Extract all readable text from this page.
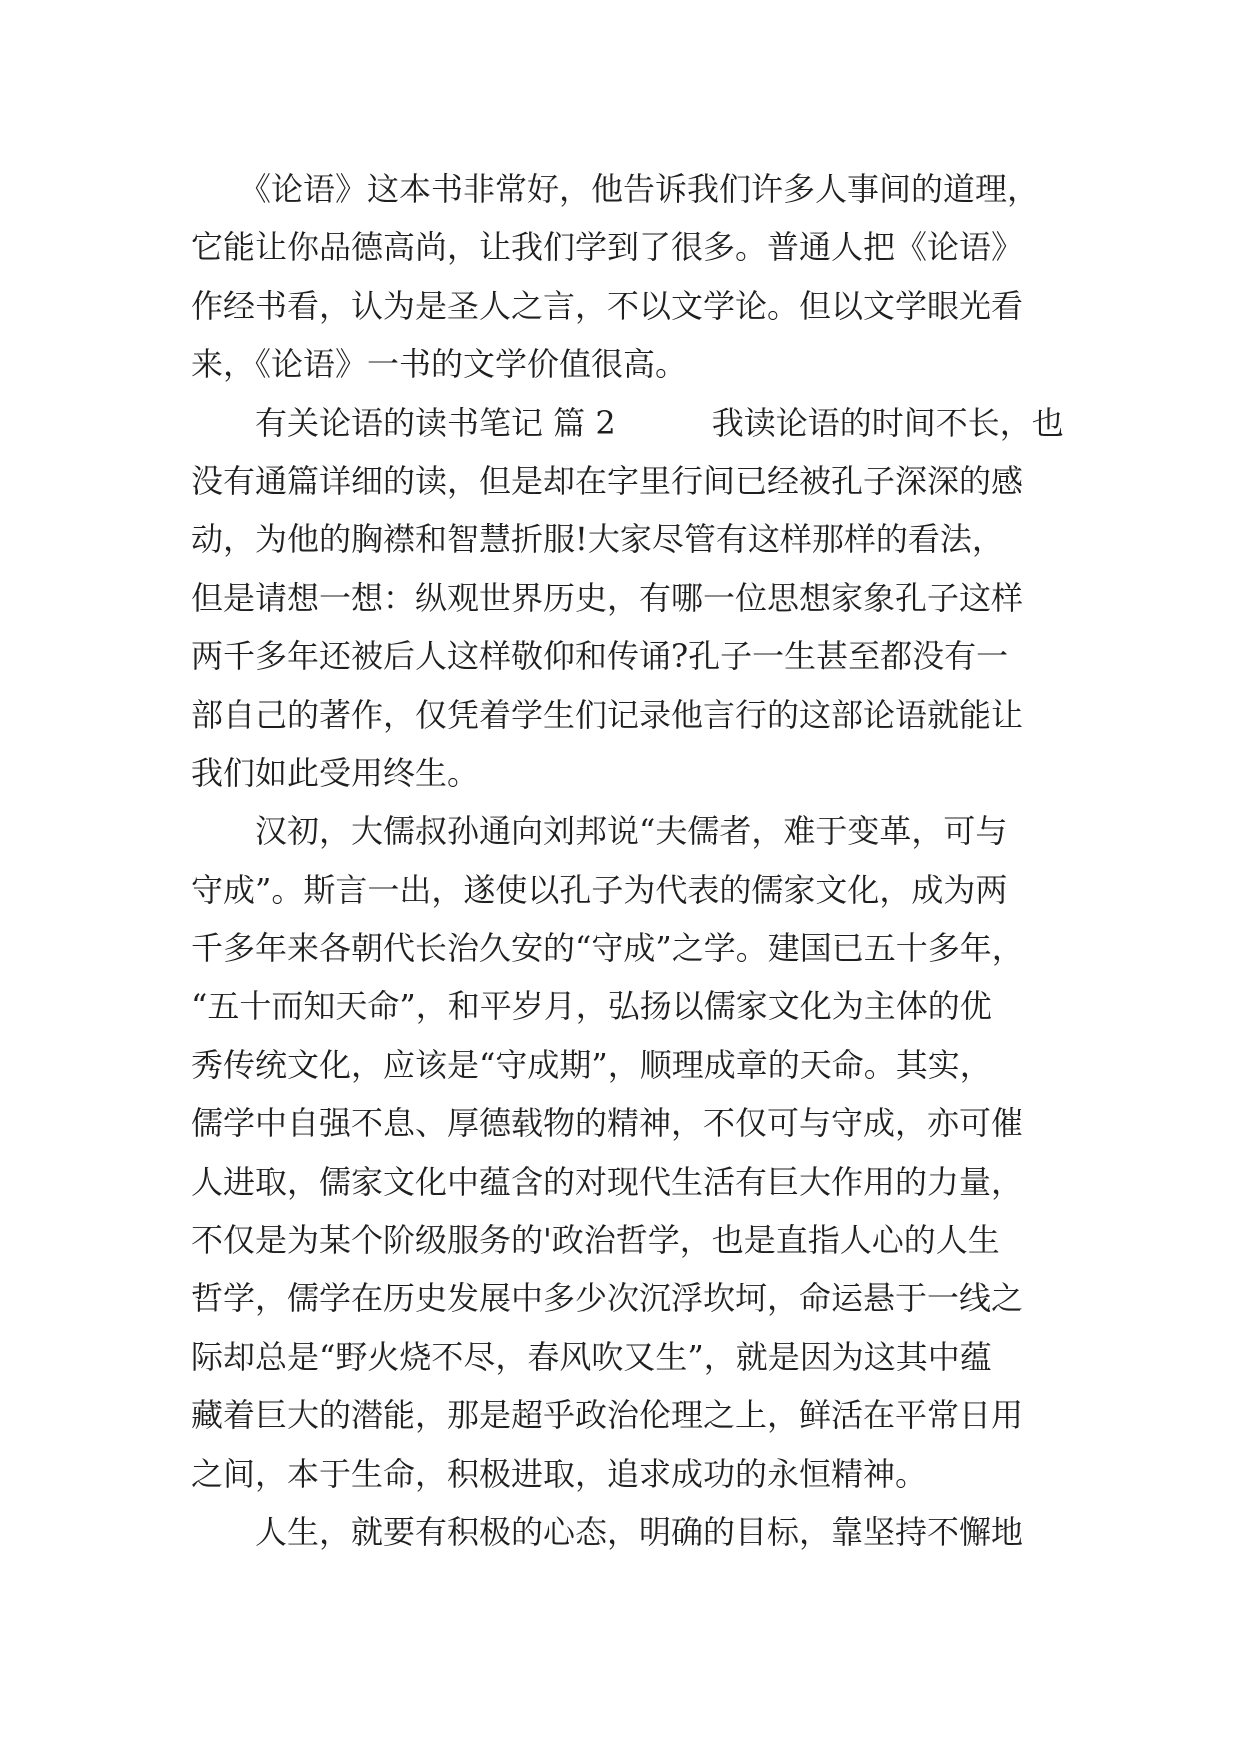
　　《论语》这本书非常好，他告诉我们许多人事间的道理，
它能让你品德高尚，让我们学到了很多。普通人把《论语》
作经书看，认为是圣人之言，不以文学论。但以文学眼光看
来，《论语》一书的文学价值很高。
　　有关论语的读书笔记 篇 2　　　我读论语的时间不长，也
没有通篇详细的读，但是却在字里行间已经被孔子深深的感
动，为他的胸襟和智慧折服!大家尽管有这样那样的看法，
但是请想一想：纵观世界历史，有哪一位思想家象孔子这样
两千多年还被后人这样敬仰和传诵?孔子一生甚至都没有一
部自己的著作，仅凭着学生们记录他言行的这部论语就能让
我们如此受用终生。
　　汉初，大儒叔孙通向刘邦说“夫儒者，难于变革，可与
守成”。斯言一出，遂使以孔子为代表的儒家文化，成为两
千多年来各朝代长治久安的“守成”之学。建国已五十多年，
“五十而知天命”，和平岁月，弘扬以儒家文化为主体的优
秀传统文化，应该是“守成期”，顺理成章的天命。其实，
儒学中自强不息、厚德载物的精神，不仅可与守成，亦可催
人进取，儒家文化中蕴含的对现代生活有巨大作用的力量，
不仅是为某个阶级服务的'政治哲学，也是直指人心的人生
哲学，儒学在历史发展中多少次沉浮坎坷，命运悬于一线之
际却总是“野火烧不尽，春风吹又生”，就是因为这其中蕴
藏着巨大的潜能，那是超乎政治伦理之上，鲜活在平常日用
之间，本于生命，积极进取，追求成功的永恒精神。
　　人生，就要有积极的心态，明确的目标，靠坚持不懈地
